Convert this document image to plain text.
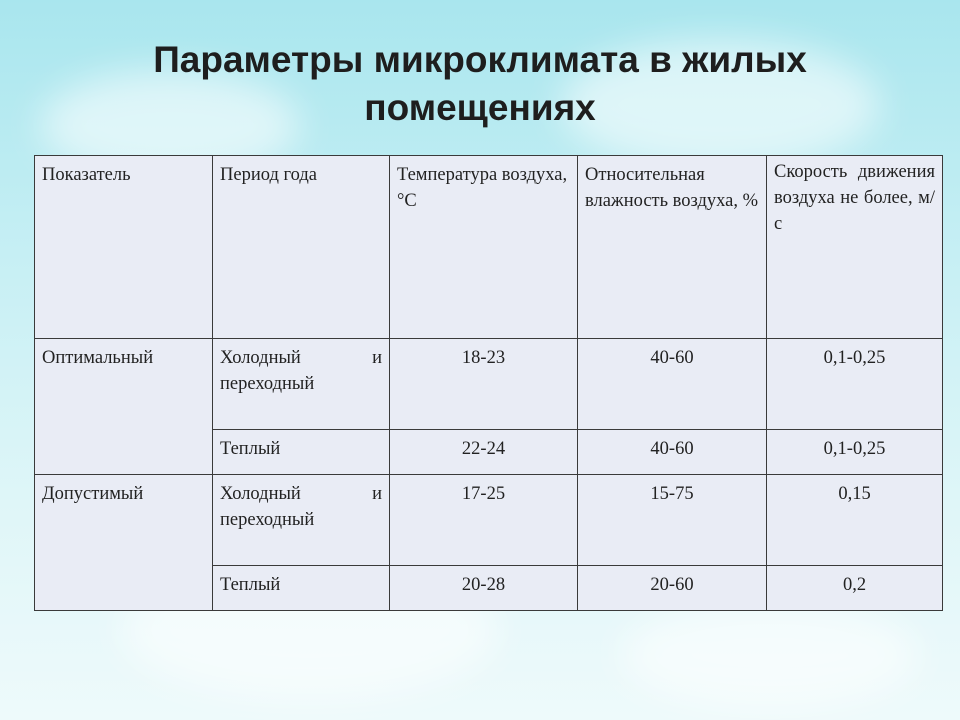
Параметры микроклимата в жилых
помещениях
Показатель	Период года	Температура воздуха, °С	Относительная влажность воздуха, %	Скорость движения воздуха не более, м/с
Оптимальный	Холодный и переходный	18-23	40-60	0,1-0,25
	Теплый	22-24	40-60	0,1-0,25
Допустимый	Холодный и переходный	17-25	15-75	0,15
	Теплый	20-28	20-60	0,2
